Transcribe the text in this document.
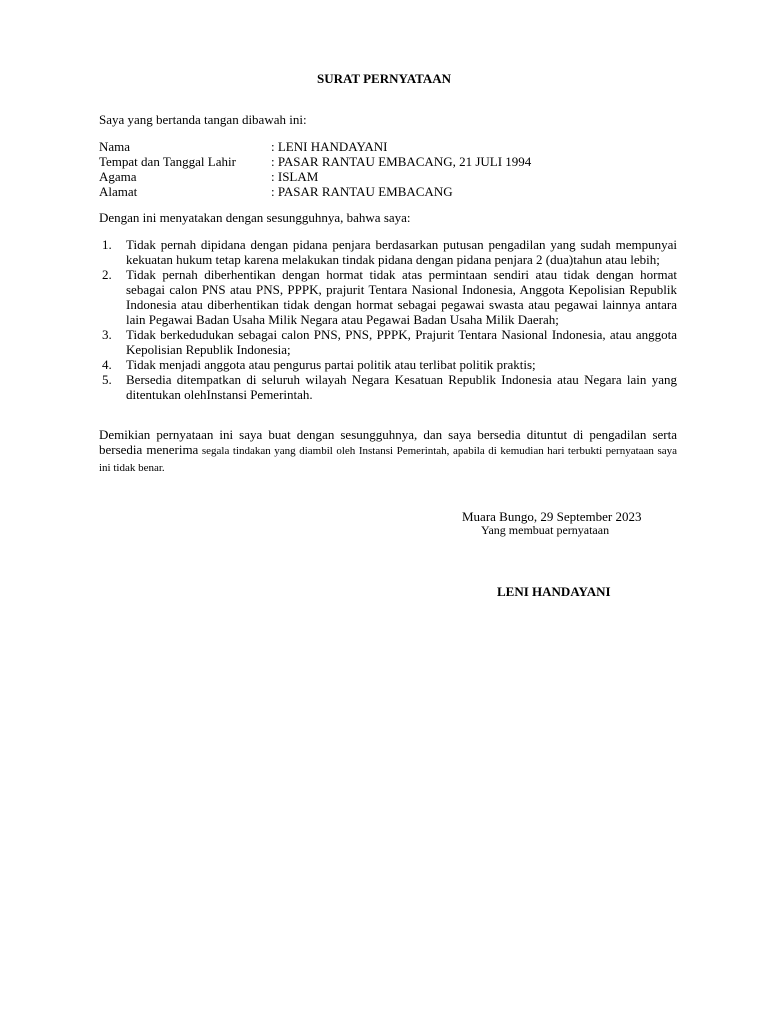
SURAT PERNYATAAN
Saya yang bertanda tangan dibawah ini:
Nama	: LENI HANDAYANI
Tempat dan Tanggal Lahir	: PASAR RANTAU EMBACANG, 21 JULI 1994
Agama	: ISLAM
Alamat	: PASAR RANTAU EMBACANG
Dengan ini menyatakan dengan sesungguhnya, bahwa saya:
1.	Tidak pernah dipidana dengan pidana penjara berdasarkan putusan pengadilan yang sudah mempunyai kekuatan hukum tetap karena melakukan tindak pidana dengan pidana penjara 2 (dua)tahun atau lebih;
2.	Tidak pernah diberhentikan dengan hormat tidak atas permintaan sendiri atau tidak dengan hormat sebagai calon PNS atau PNS, PPPK, prajurit Tentara Nasional Indonesia, Anggota Kepolisian Republik Indonesia atau diberhentikan tidak dengan hormat sebagai pegawai swasta atau pegawai lainnya antara lain Pegawai Badan Usaha Milik Negara atau Pegawai Badan Usaha Milik Daerah;
3.	Tidak berkedudukan sebagai calon PNS, PNS, PPPK, Prajurit Tentara Nasional Indonesia, atau anggota Kepolisian Republik Indonesia;
4.	Tidak menjadi anggota atau pengurus partai politik atau terlibat politik praktis;
5.	Bersedia ditempatkan di seluruh wilayah Negara Kesatuan Republik Indonesia atau Negara lain yang ditentukan olehInstansi Pemerintah.
Demikian pernyataan ini saya buat dengan sesungguhnya, dan saya bersedia dituntut di pengadilan serta bersedia menerima segala tindakan yang diambil oleh Instansi Pemerintah, apabila di kemudian hari terbukti pernyataan saya ini tidak benar.
Muara Bungo, 29 September 2023
Yang membuat pernyataan
LENI HANDAYANI
